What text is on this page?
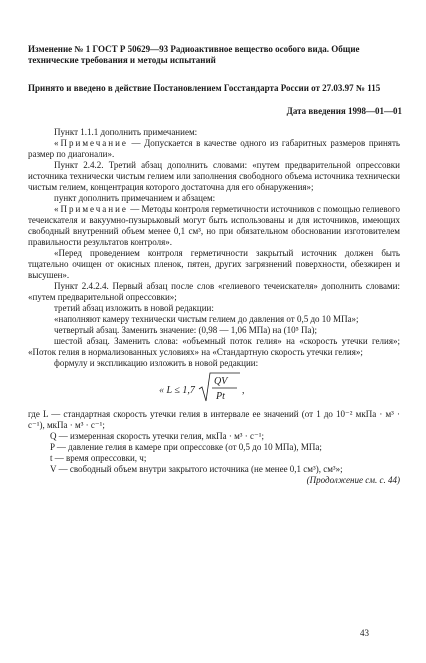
Изменение № 1 ГОСТ Р 50629—93 Радиоактивное вещество особого вида. Общие технические требования и методы испытаний
Принято и введено в действие Постановлением Госстандарта России от 27.03.97 № 115
Дата введения 1998—01—01

Пункт 1.1.1 дополнить примечанием:

«Примечание — Допускается в качестве одного из габаритных размеров принять размер по диагонали».

Пункт 2.4.2. Третий абзац дополнить словами: «путем предварительной опрессовки источника технически чистым гелием или заполнения свободного объема источника технически чистым гелием, концентрация которого достаточна для его обнаружения»;

пункт дополнить примечанием и абзацем:

«Примечание — Методы контроля герметичности источников с помощью гелиевого течеискателя и вакуумно-пузырьковый могут быть использованы и для источников, имеющих свободный внутренний объем менее 0,1 см³, но при обязательном обосновании изготовителем правильности результатов контроля».

«Перед проведением контроля герметичности закрытый источник должен быть тщательно очищен от окисных пленок, пятен, других загрязнений поверхности, обезжирен и высушен».

Пункт 2.4.2.4. Первый абзац после слов «гелиевого течеискателя» дополнить словами: «путем предварительной опрессовки»;

третий абзац изложить в новой редакции:

«наполняют камеру технически чистым гелием до давления от 0,5 до 10 МПа»;

четвертый абзац. Заменить значение: (0,98 — 1,06 МПа) на (10⁵ Па);

шестой абзац. Заменить слова: «объемный поток гелия» на «скорость утечки гелия»; «Поток гелия в нормализованных условиях» на «Стандартную скорость утечки гелия»;

формулу и экспликацию изложить в новой редакции:

« L ≤ 1,7
QV
Pt
,

где L — стандартная скорость утечки гелия в интервале ее значений (от 1 до 10⁻² мкПа · м³ · с⁻¹), мкПа · м³ · с⁻¹;

Q — измеренная скорость утечки гелия, мкПа · м³ · с⁻¹;

P — давление гелия в камере при опрессовке (от 0,5 до 10 МПа), МПа;

t — время опрессовки, ч;

V — свободный объем внутри закрытого источника (не менее 0,1 см³), см³»;

(Продолжение см. с. 44)

43
